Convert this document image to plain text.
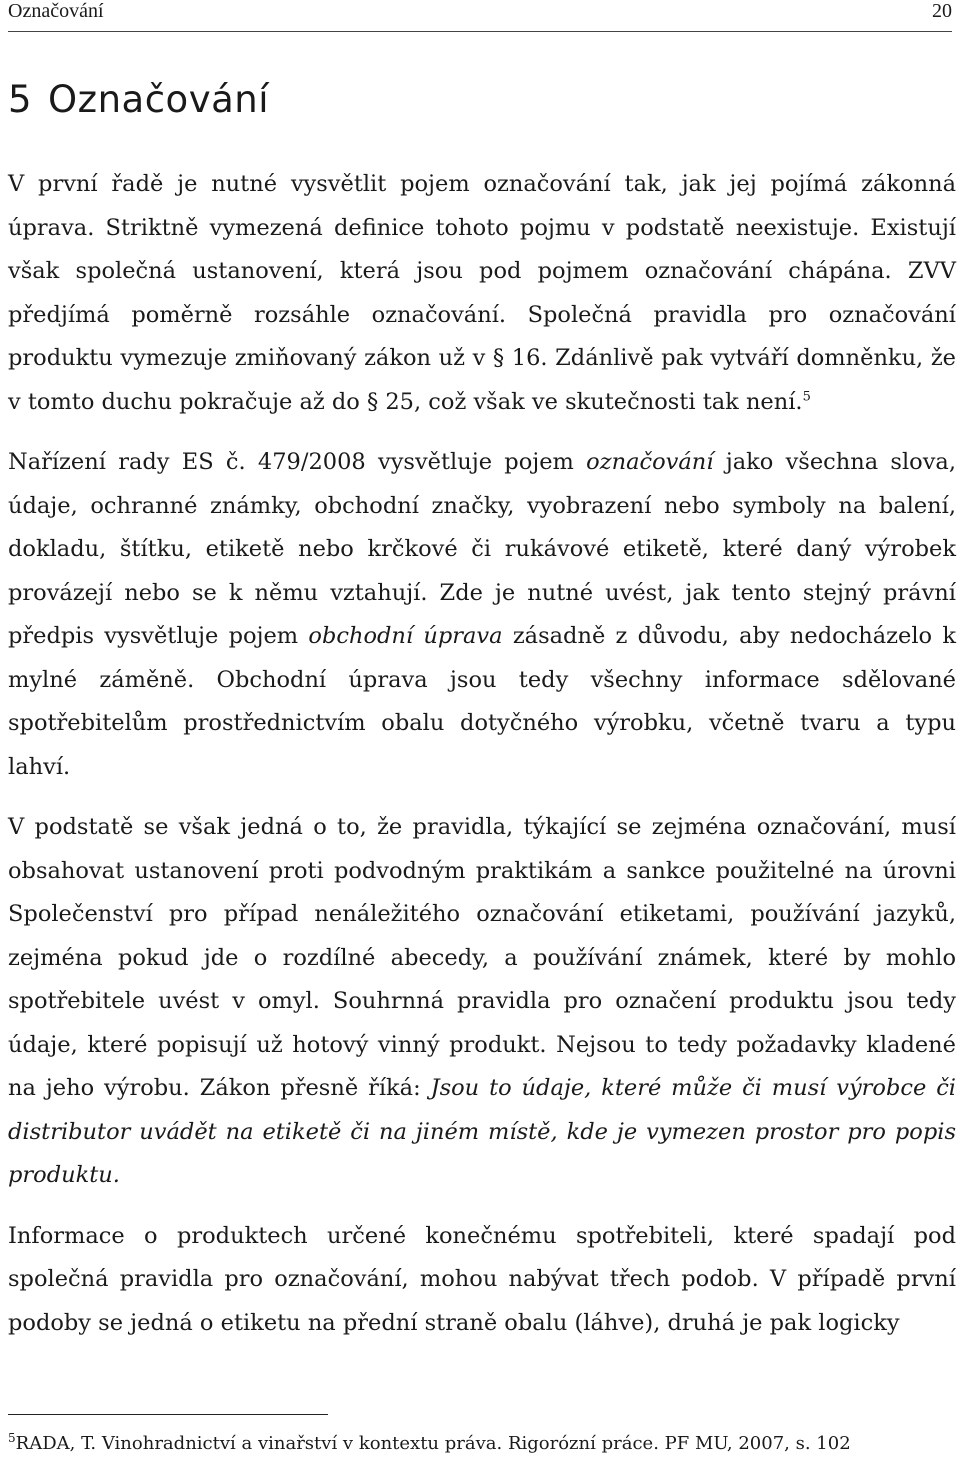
Označování	20
5 Označování

V první řadě je nutné vysvětlit pojem označování tak, jak jej pojímá zákonná úprava. Striktně vymezená definice tohoto pojmu v podstatě neexistuje. Existují však společná ustanovení, která jsou pod pojmem označování chápána. ZVV předjímá poměrně rozsáhle označování. Společná pravidla pro označování produktu vymezuje zmiňovaný zákon už v § 16. Zdánlivě pak vytváří domněnku, že v tomto duchu pokračuje až do § 25, což však ve skutečnosti tak není.$^5$

Nařízení rady ES č. 479/2008 vysvětluje pojem označování jako všechna slova, údaje, ochranné známky, obchodní značky, vyobrazení nebo symboly na balení, dokladu, štítku, etiketě nebo krčkové či rukávové etiketě, které daný výrobek provázejí nebo se k němu vztahují. Zde je nutné uvést, jak tento stejný právní předpis vysvětluje pojem obchodní úprava zásadně z důvodu, aby nedocházelo k mylné záměně. Obchodní úprava jsou tedy všechny informace sdělované spotřebitelům prostřednictvím obalu dotyčného výrobku, včetně tvaru a typu lahví.

V podstatě se však jedná o to, že pravidla, týkající se zejména označování, musí obsahovat ustanovení proti podvodným praktikám a sankce použitelné na úrovni Společenství pro případ nenáležitého označování etiketami, používání jazyků, zejména pokud jde o rozdílné abecedy, a používání známek, které by mohlo spotřebitele uvést v omyl. Souhrnná pravidla pro označení produktu jsou tedy údaje, které popisují už hotový vinný produkt. Nejsou to tedy požadavky kladené na jeho výrobu. Zákon přesně říká: Jsou to údaje, které může či musí výrobce či distributor uvádět na etiketě či na jiném místě, kde je vymezen prostor pro popis produktu.

Informace o produktech určené konečnému spotřebiteli, které spadají pod společná pravidla pro označování, mohou nabývat třech podob. V případě první podoby se jedná o etiketu na přední straně obalu (láhve), druhá je pak logicky

$^5$RADA, T. Vinohradnictví a vinařství v kontextu práva. Rigorózní práce. PF MU, 2007, s. 102
